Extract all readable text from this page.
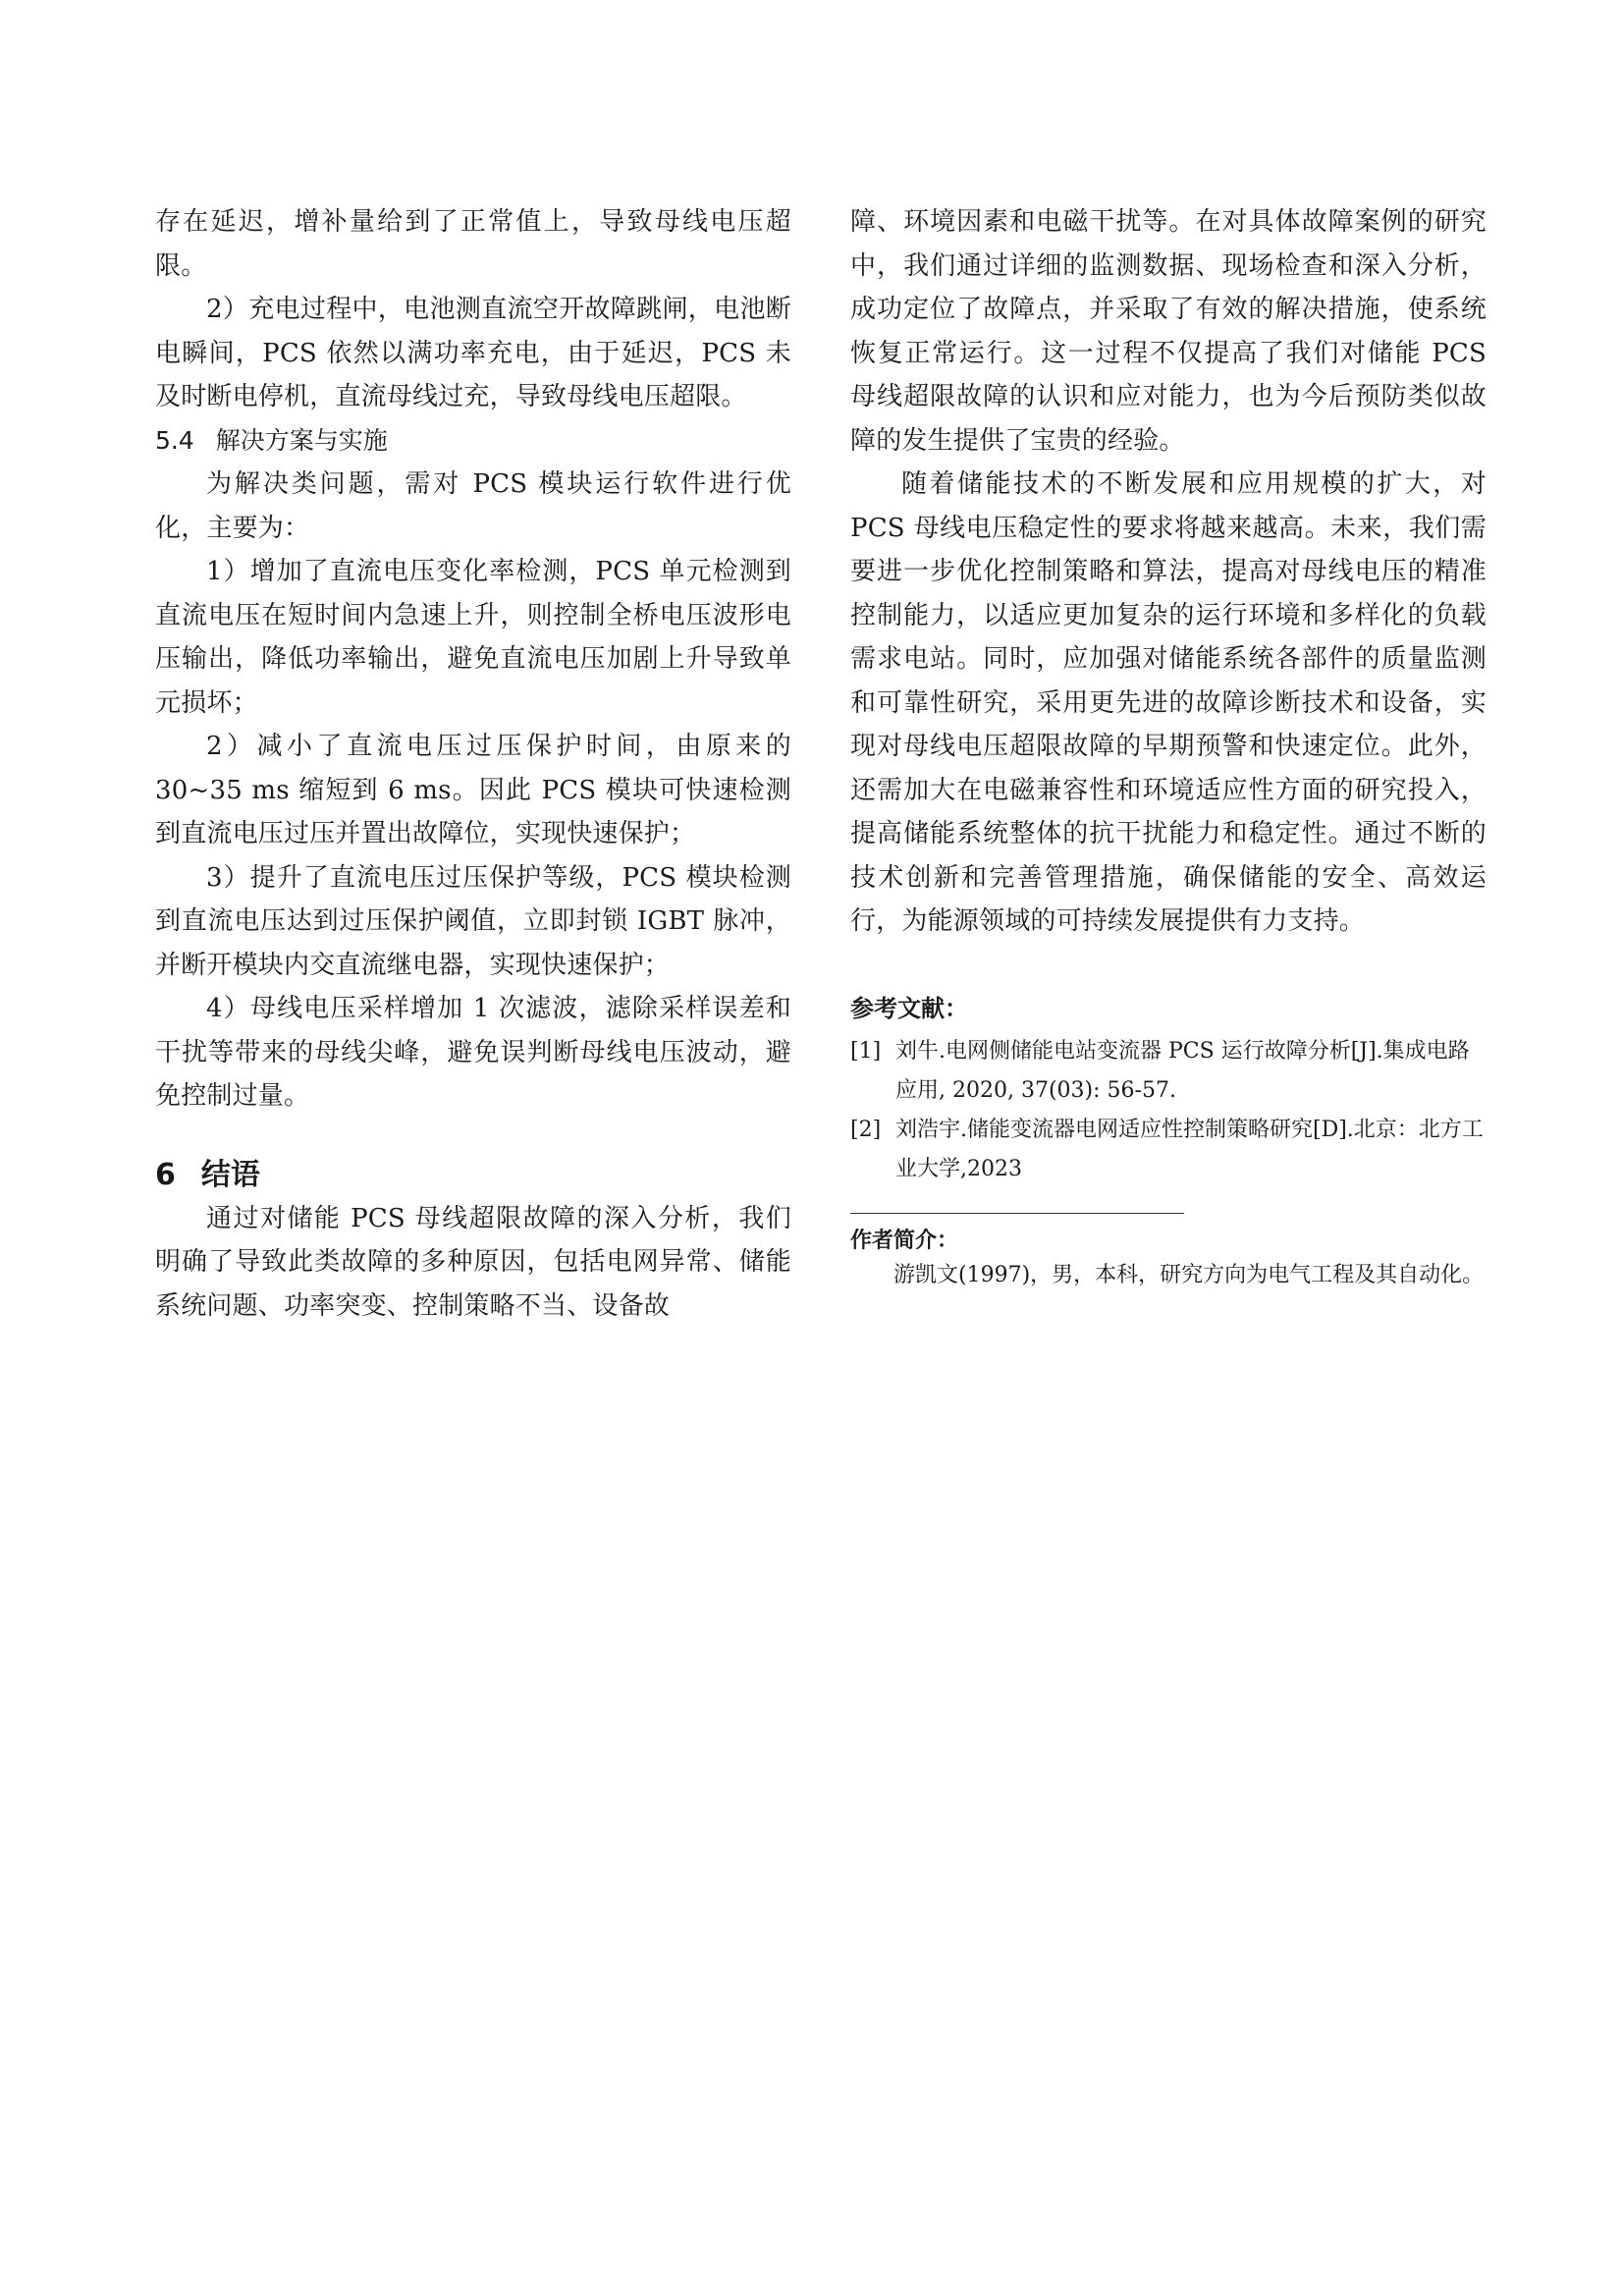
存在延迟，增补量给到了正常值上，导致母线电压超限。

2）充电过程中，电池测直流空开故障跳闸，电池断电瞬间，PCS 依然以满功率充电，由于延迟，PCS 未及时断电停机，直流母线过充，导致母线电压超限。

5.4 解决方案与实施

为解决类问题，需对 PCS 模块运行软件进行优化，主要为：

1）增加了直流电压变化率检测，PCS 单元检测到直流电压在短时间内急速上升，则控制全桥电压波形电压输出，降低功率输出，避免直流电压加剧上升导致单元损坏；

2）减小了直流电压过压保护时间，由原来的 30~35 ms 缩短到 6 ms。因此 PCS 模块可快速检测到直流电压过压并置出故障位，实现快速保护；

3）提升了直流电压过压保护等级，PCS 模块检测到直流电压达到过压保护阈值，立即封锁 IGBT 脉冲，并断开模块内交直流继电器，实现快速保护；

4）母线电压采样增加 1 次滤波，滤除采样误差和干扰等带来的母线尖峰，避免误判断母线电压波动，避免控制过量。

6 结语

通过对储能 PCS 母线超限故障的深入分析，我们明确了导致此类故障的多种原因，包括电网异常、储能系统问题、功率突变、控制策略不当、设备故

障、环境因素和电磁干扰等。在对具体故障案例的研究中，我们通过详细的监测数据、现场检查和深入分析，成功定位了故障点，并采取了有效的解决措施，使系统恢复正常运行。这一过程不仅提高了我们对储能 PCS 母线超限故障的认识和应对能力，也为今后预防类似故障的发生提供了宝贵的经验。

随着储能技术的不断发展和应用规模的扩大，对 PCS 母线电压稳定性的要求将越来越高。未来，我们需要进一步优化控制策略和算法，提高对母线电压的精准控制能力，以适应更加复杂的运行环境和多样化的负载需求电站。同时，应加强对储能系统各部件的质量监测和可靠性研究，采用更先进的故障诊断技术和设备，实现对母线电压超限故障的早期预警和快速定位。此外，还需加大在电磁兼容性和环境适应性方面的研究投入，提高储能系统整体的抗干扰能力和稳定性。通过不断的技术创新和完善管理措施，确保储能的安全、高效运行，为能源领域的可持续发展提供有力支持。

参考文献：
[1] 刘牛.电网侧储能电站变流器 PCS 运行故障分析[J].集成电路应用, 2020, 37(03): 56-57.
[2] 刘浩宇.储能变流器电网适应性控制策略研究[D].北京：北方工业大学,2023

作者简介：

游凯文(1997)，男，本科，研究方向为电气工程及其自动化。
